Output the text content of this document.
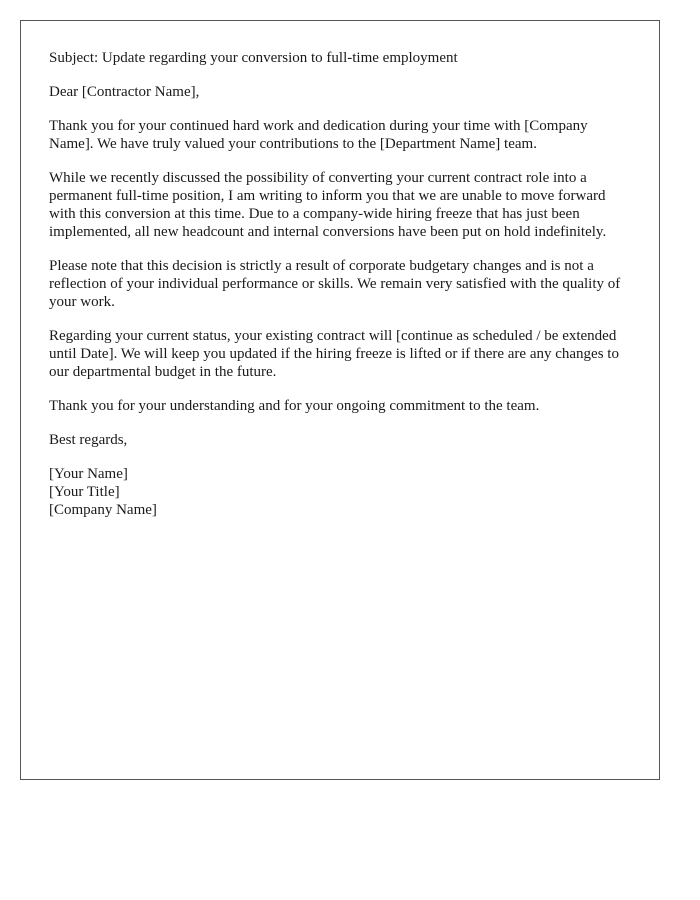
Subject: Update regarding your conversion to full-time employment

Dear [Contractor Name],

Thank you for your continued hard work and dedication during your time with [Company Name]. We have truly valued your contributions to the [Department Name] team.

While we recently discussed the possibility of converting your current contract role into a permanent full-time position, I am writing to inform you that we are unable to move forward with this conversion at this time. Due to a company-wide hiring freeze that has just been implemented, all new headcount and internal conversions have been put on hold indefinitely.

Please note that this decision is strictly a result of corporate budgetary changes and is not a reflection of your individual performance or skills. We remain very satisfied with the quality of your work.

Regarding your current status, your existing contract will [continue as scheduled / be extended until Date]. We will keep you updated if the hiring freeze is lifted or if there are any changes to our departmental budget in the future.

Thank you for your understanding and for your ongoing commitment to the team.

Best regards,

[Your Name]
[Your Title]
[Company Name]
